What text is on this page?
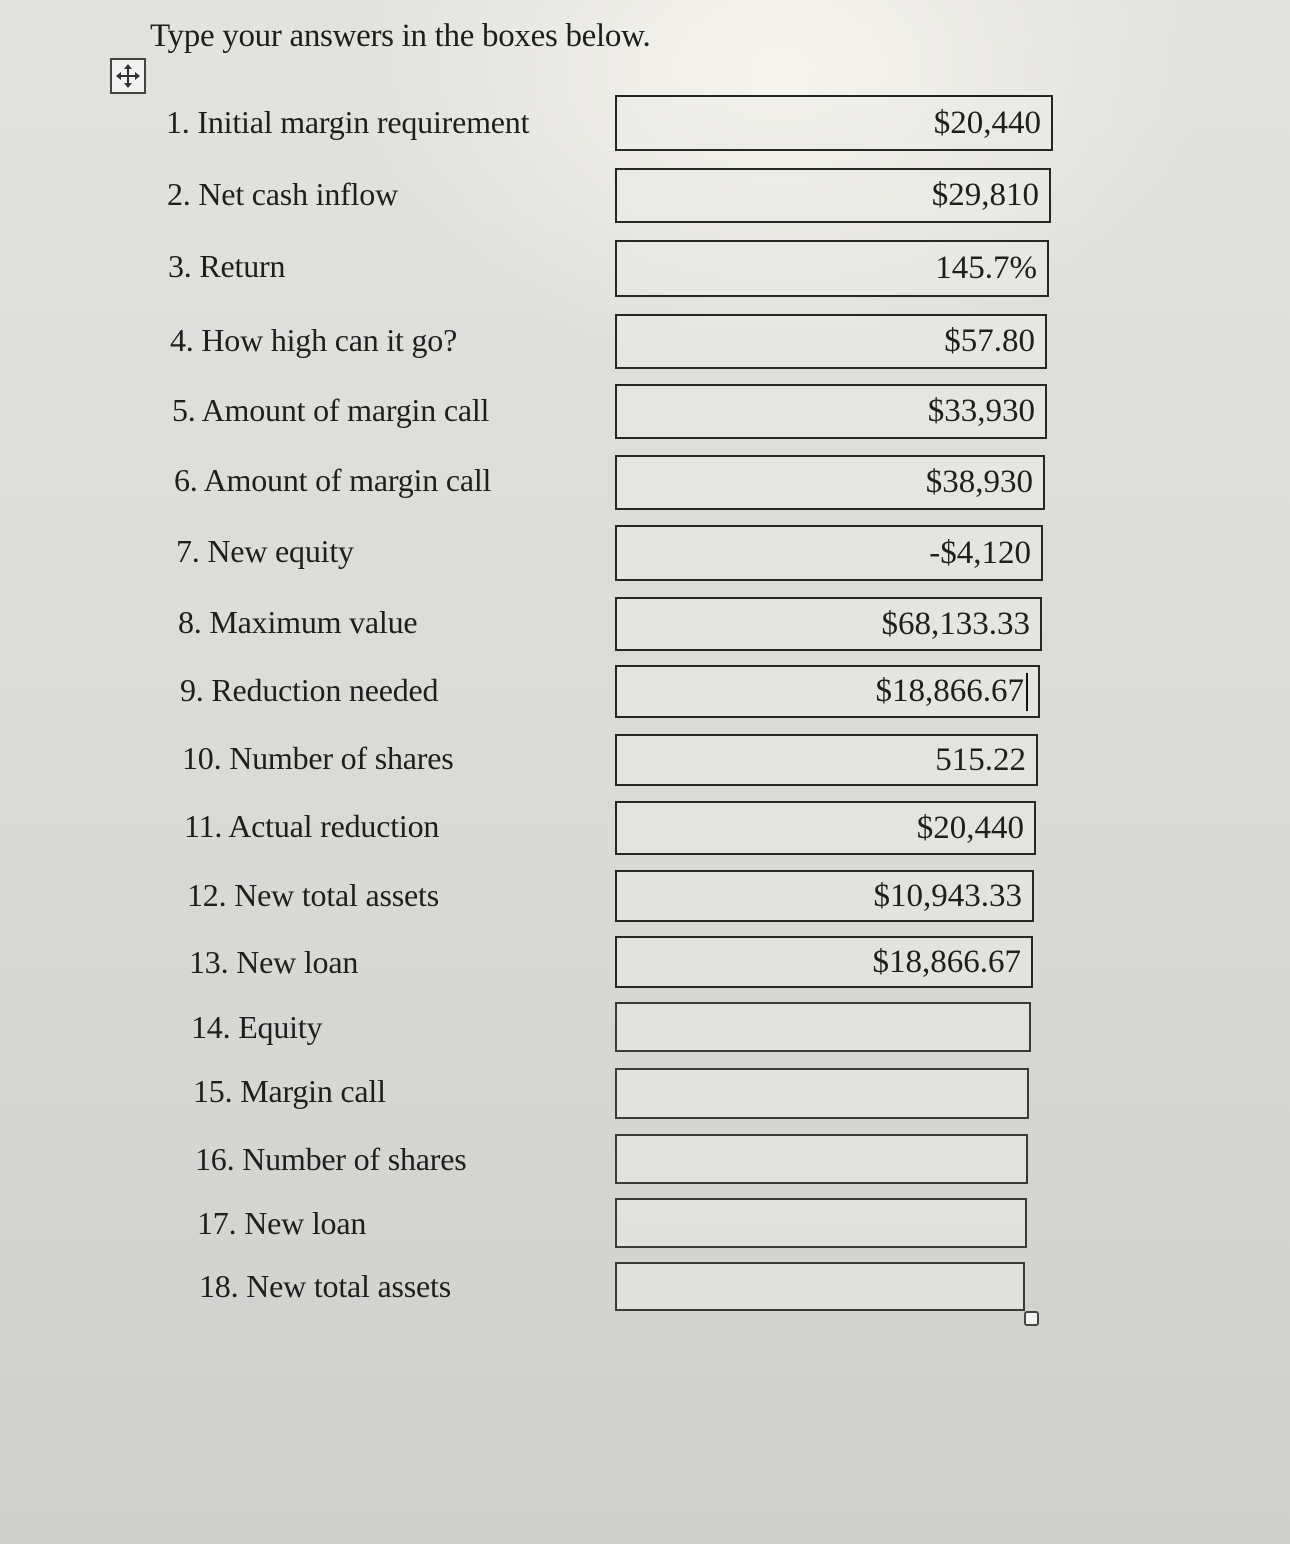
Type your answers in the boxes below.
1. Initial margin requirement
2. Net cash inflow
3. Return
4. How high can it go?
5. Amount of margin call
6. Amount of margin call
7. New equity
8. Maximum value
9. Reduction needed
10. Number of shares
11. Actual reduction
12. New total assets
13. New loan
14. Equity
15. Margin call
16. Number of shares
17. New loan
18. New total assets
$20,440
$29,810
145.7%
$57.80
$33,930
$38,930
-$4,120
$68,133.33
$18,866.67
515.22
$20,440
$10,943.33
$18,866.67
